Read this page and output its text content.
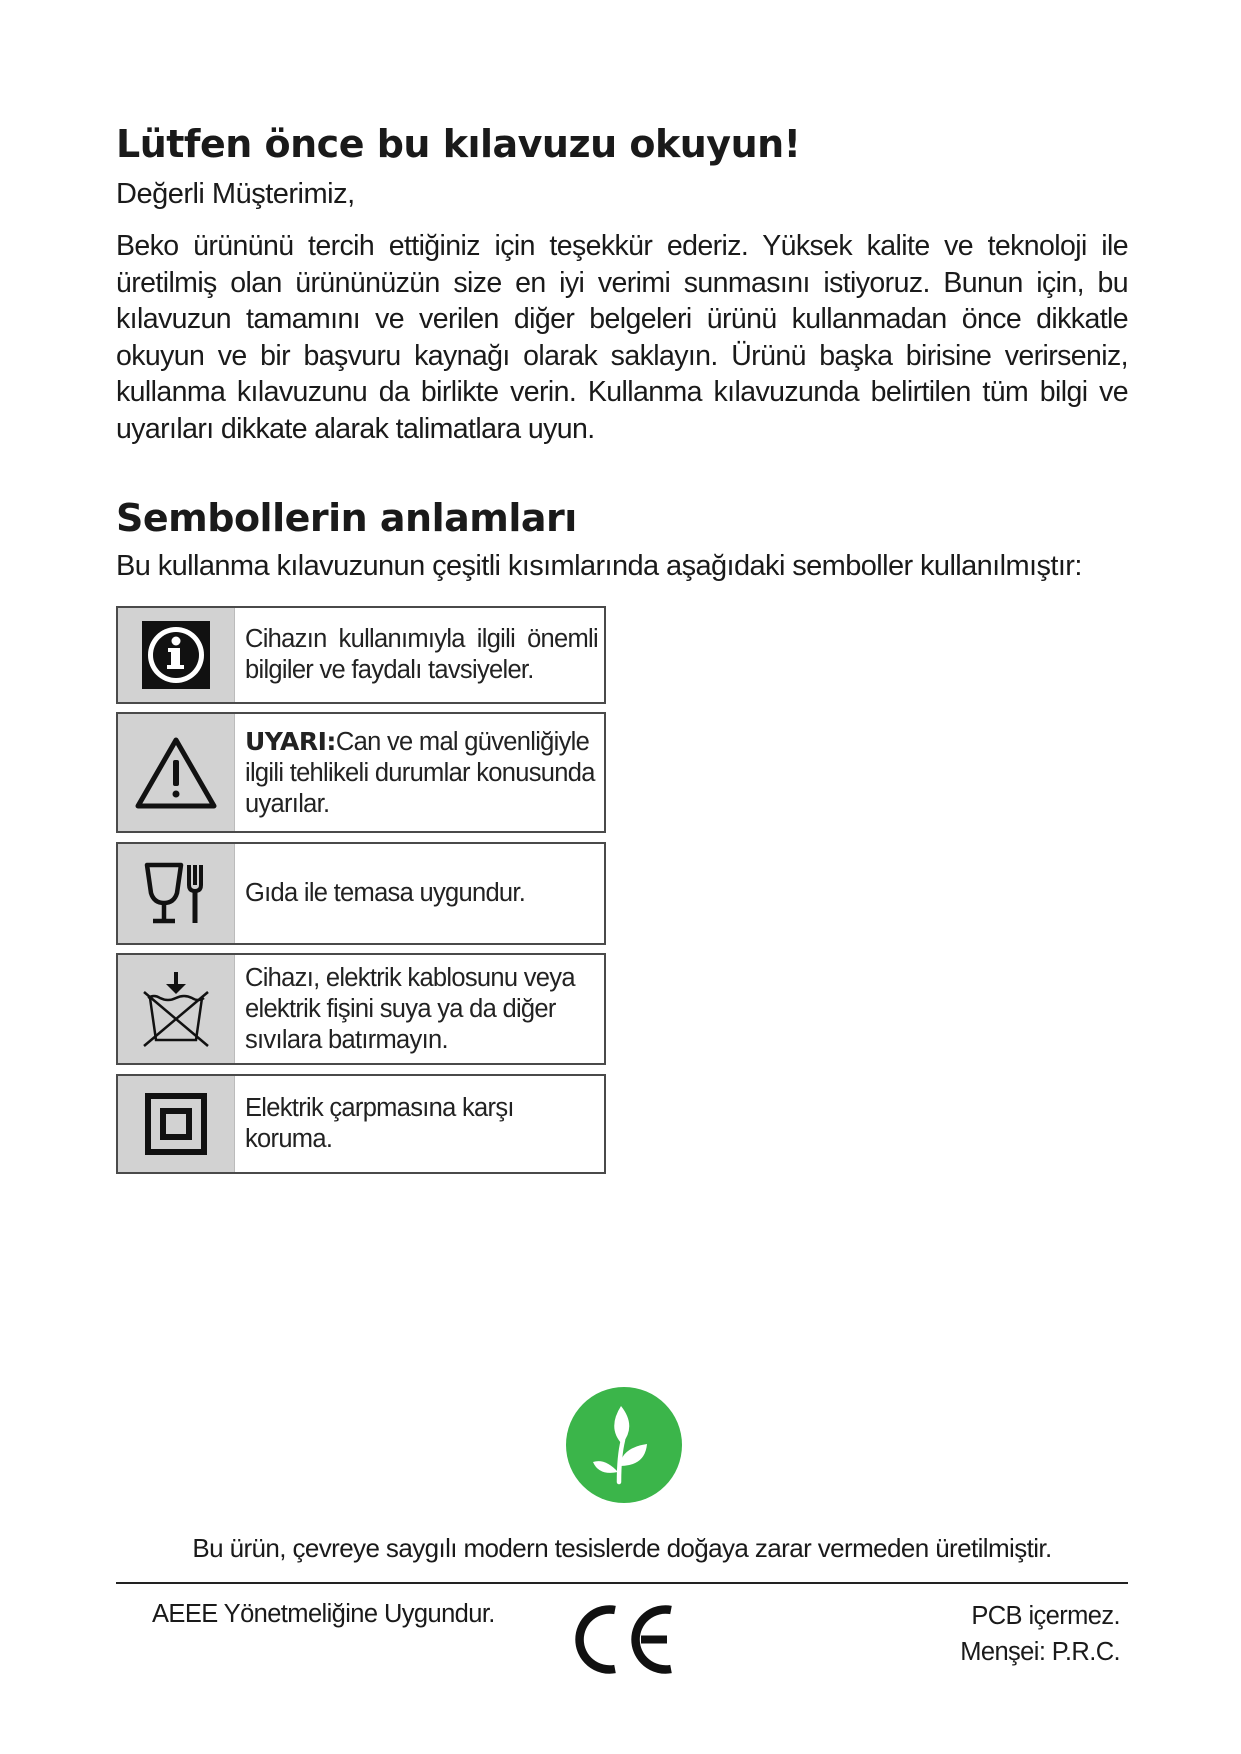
Lütfen önce bu kılavuzu okuyun!

Değerli Müşterimiz,

Beko ürününü tercih ettiğiniz için teşekkür ederiz. Yüksek kalite ve teknoloji ile üretilmiş olan ürününüzün size en iyi verimi sunmasını istiyoruz. Bunun için, bu kılavuzun tamamını ve verilen diğer belgeleri ürünü kullanmadan önce dikkatle okuyun ve bir başvuru kaynağı olarak saklayın. Ürünü başka birisine verirseniz, kullanma kılavuzunu da birlikte verin. Kullanma kılavuzunda belirtilen tüm bilgi ve uyarıları dikkate alarak talimatlara uyun.

Sembollerin anlamları

Bu kullanma kılavuzunun çeşitli kısımlarında aşağıdaki semboller kullanılmıştır:

Cihazın kullanımıyla ilgili önemli bilgiler ve faydalı tavsiyeler.

UYARI:Can ve mal güvenliğiyle ilgili tehlikeli durumlar konusunda uyarılar.

Gıda ile temasa uygundur.

Cihazı, elektrik kablosunu veya elektrik fişini suya ya da diğer sıvılara batırmayın.

Elektrik çarpmasına karşı koruma.

Bu ürün, çevreye saygılı modern tesislerde doğaya zarar vermeden üretilmiştir.

AEEE Yönetmeliğine Uygundur.	PCB içermez.

Menşei: P.R.C.
